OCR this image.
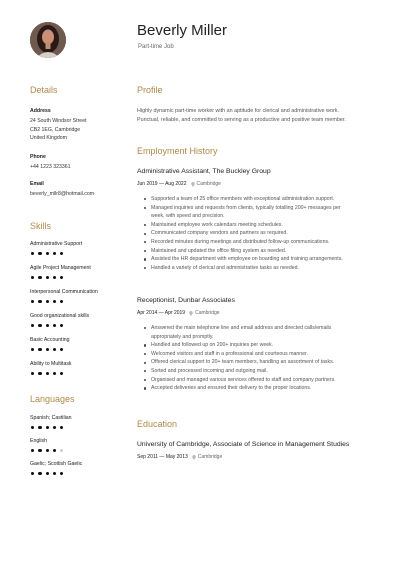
Details
Address
24 South Windsor Street
CB2 1EG, Cambridge
United Kingdom
Phone
+44 1223 323361
Email
beverly_mllr8@hotmail.com
Skills
Administrative Support
Agile Project Management
Interpersonal Communication
Good organizational skills
Basic Accounting
Ability to Multitask
Languages
Spanish; Castilian
English
Gaelic; Scottish Gaelic
Beverly Miller
Part-time Job
Profile
Highly dynamic part-time worker with an aptitude for clerical and administrative work.
Punctual, reliable, and committed to serving as a productive and positive team member.
Employment History
Administrative Assistant, The Buckley Group
Jun 2019 — Aug 2022 Cambridge
Supported a team of 25 office members with exceptional administration support.
Managed inquiries and requests from clients, typically totalling 200+ messages per
week, with speed and precision.
Maintained employee work calendars meeting schedules.
Communicated company vendors and partners as required.
Recorded minutes during meetings and distributed follow-up communications.
Maintained and updated the office filing system as needed.
Assisted the HR department with employee on boarding and training arrangements.
Handled a variety of clerical and administrative tasks as needed.
Receptionist, Dunbar Associates
Apr 2014 — Apr 2019 Cambridge
Answered the main telephone line and email address and directed calls/emails
appropriately and promptly.
Handled and followed up on 200+ inquiries per week.
Welcomed visitors and staff in a professional and courteous manner.
Offered clerical support to 20+ team members, handling an assortment of tasks.
Sorted and processed incoming and outgoing mail.
Organised and managed various services offered to staff and company partners.
Accepted deliveries and ensured their delivery to the proper locations.
Education
University of Cambridge, Associate of Science in Management Studies
Sep 2011 — May 2013 Cambridge
